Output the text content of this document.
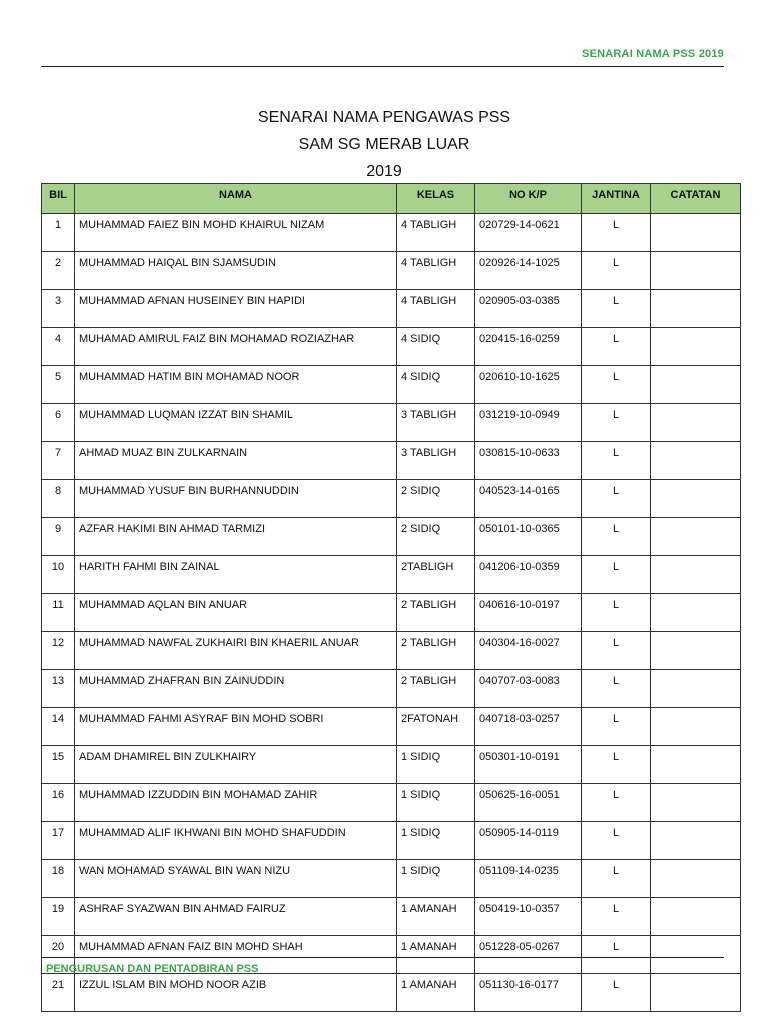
SENARAI NAMA PSS 2019
SENARAI NAMA PENGAWAS PSS
SAM SG MERAB LUAR
2019
BIL	NAMA	KELAS	NO K/P	JANTINA	CATATAN
1	MUHAMMAD FAIEZ BIN MOHD KHAIRUL NIZAM	4 TABLIGH	020729-14-0621	L	
2	MUHAMMAD HAIQAL BIN SJAMSUDIN	4 TABLIGH	020926-14-1025	L	
3	MUHAMMAD AFNAN HUSEINEY BIN HAPIDI	4 TABLIGH	020905-03-0385	L	
4	MUHAMAD AMIRUL FAIZ BIN MOHAMAD ROZIAZHAR	4 SIDIQ	020415-16-0259	L	
5	MUHAMMAD HATIM BIN MOHAMAD NOOR	4 SIDIQ	020610-10-1625	L	
6	MUHAMMAD LUQMAN IZZAT BIN SHAMIL	3 TABLIGH	031219-10-0949	L	
7	AHMAD MUAZ BIN ZULKARNAIN	3 TABLIGH	030815-10-0633	L	
8	MUHAMMAD YUSUF BIN BURHANNUDDIN	2 SIDIQ	040523-14-0165	L	
9	AZFAR HAKIMI BIN AHMAD TARMIZI	2 SIDIQ	050101-10-0365	L	
10	HARITH FAHMI BIN ZAINAL	2TABLIGH	041206-10-0359	L	
11	MUHAMMAD AQLAN BIN ANUAR	2 TABLIGH	040616-10-0197	L	
12	MUHAMMAD NAWFAL ZUKHAIRI BIN KHAERIL ANUAR	2 TABLIGH	040304-16-0027	L	
13	MUHAMMAD ZHAFRAN BIN ZAINUDDIN	2 TABLIGH	040707-03-0083	L	
14	MUHAMMAD FAHMI ASYRAF BIN MOHD SOBRI	2FATONAH	040718-03-0257	L	
15	ADAM DHAMIREL BIN ZULKHAIRY	1 SIDIQ	050301-10-0191	L	
16	MUHAMMAD IZZUDDIN BIN MOHAMAD ZAHIR	1 SIDIQ	050625-16-0051	L	
17	MUHAMMAD ALIF IKHWANI BIN MOHD SHAFUDDIN	1 SIDIQ	050905-14-0119	L	
18	WAN MOHAMAD SYAWAL BIN WAN NIZU	1 SIDIQ	051109-14-0235	L	
19	ASHRAF SYAZWAN BIN AHMAD FAIRUZ	1 AMANAH	050419-10-0357	L	
20	MUHAMMAD AFNAN FAIZ BIN MOHD SHAH	1 AMANAH	051228-05-0267	L	
21	IZZUL ISLAM BIN MOHD NOOR AZIB	1 AMANAH	051130-16-0177	L	
PENGURUSAN DAN PENTADBIRAN PSS
